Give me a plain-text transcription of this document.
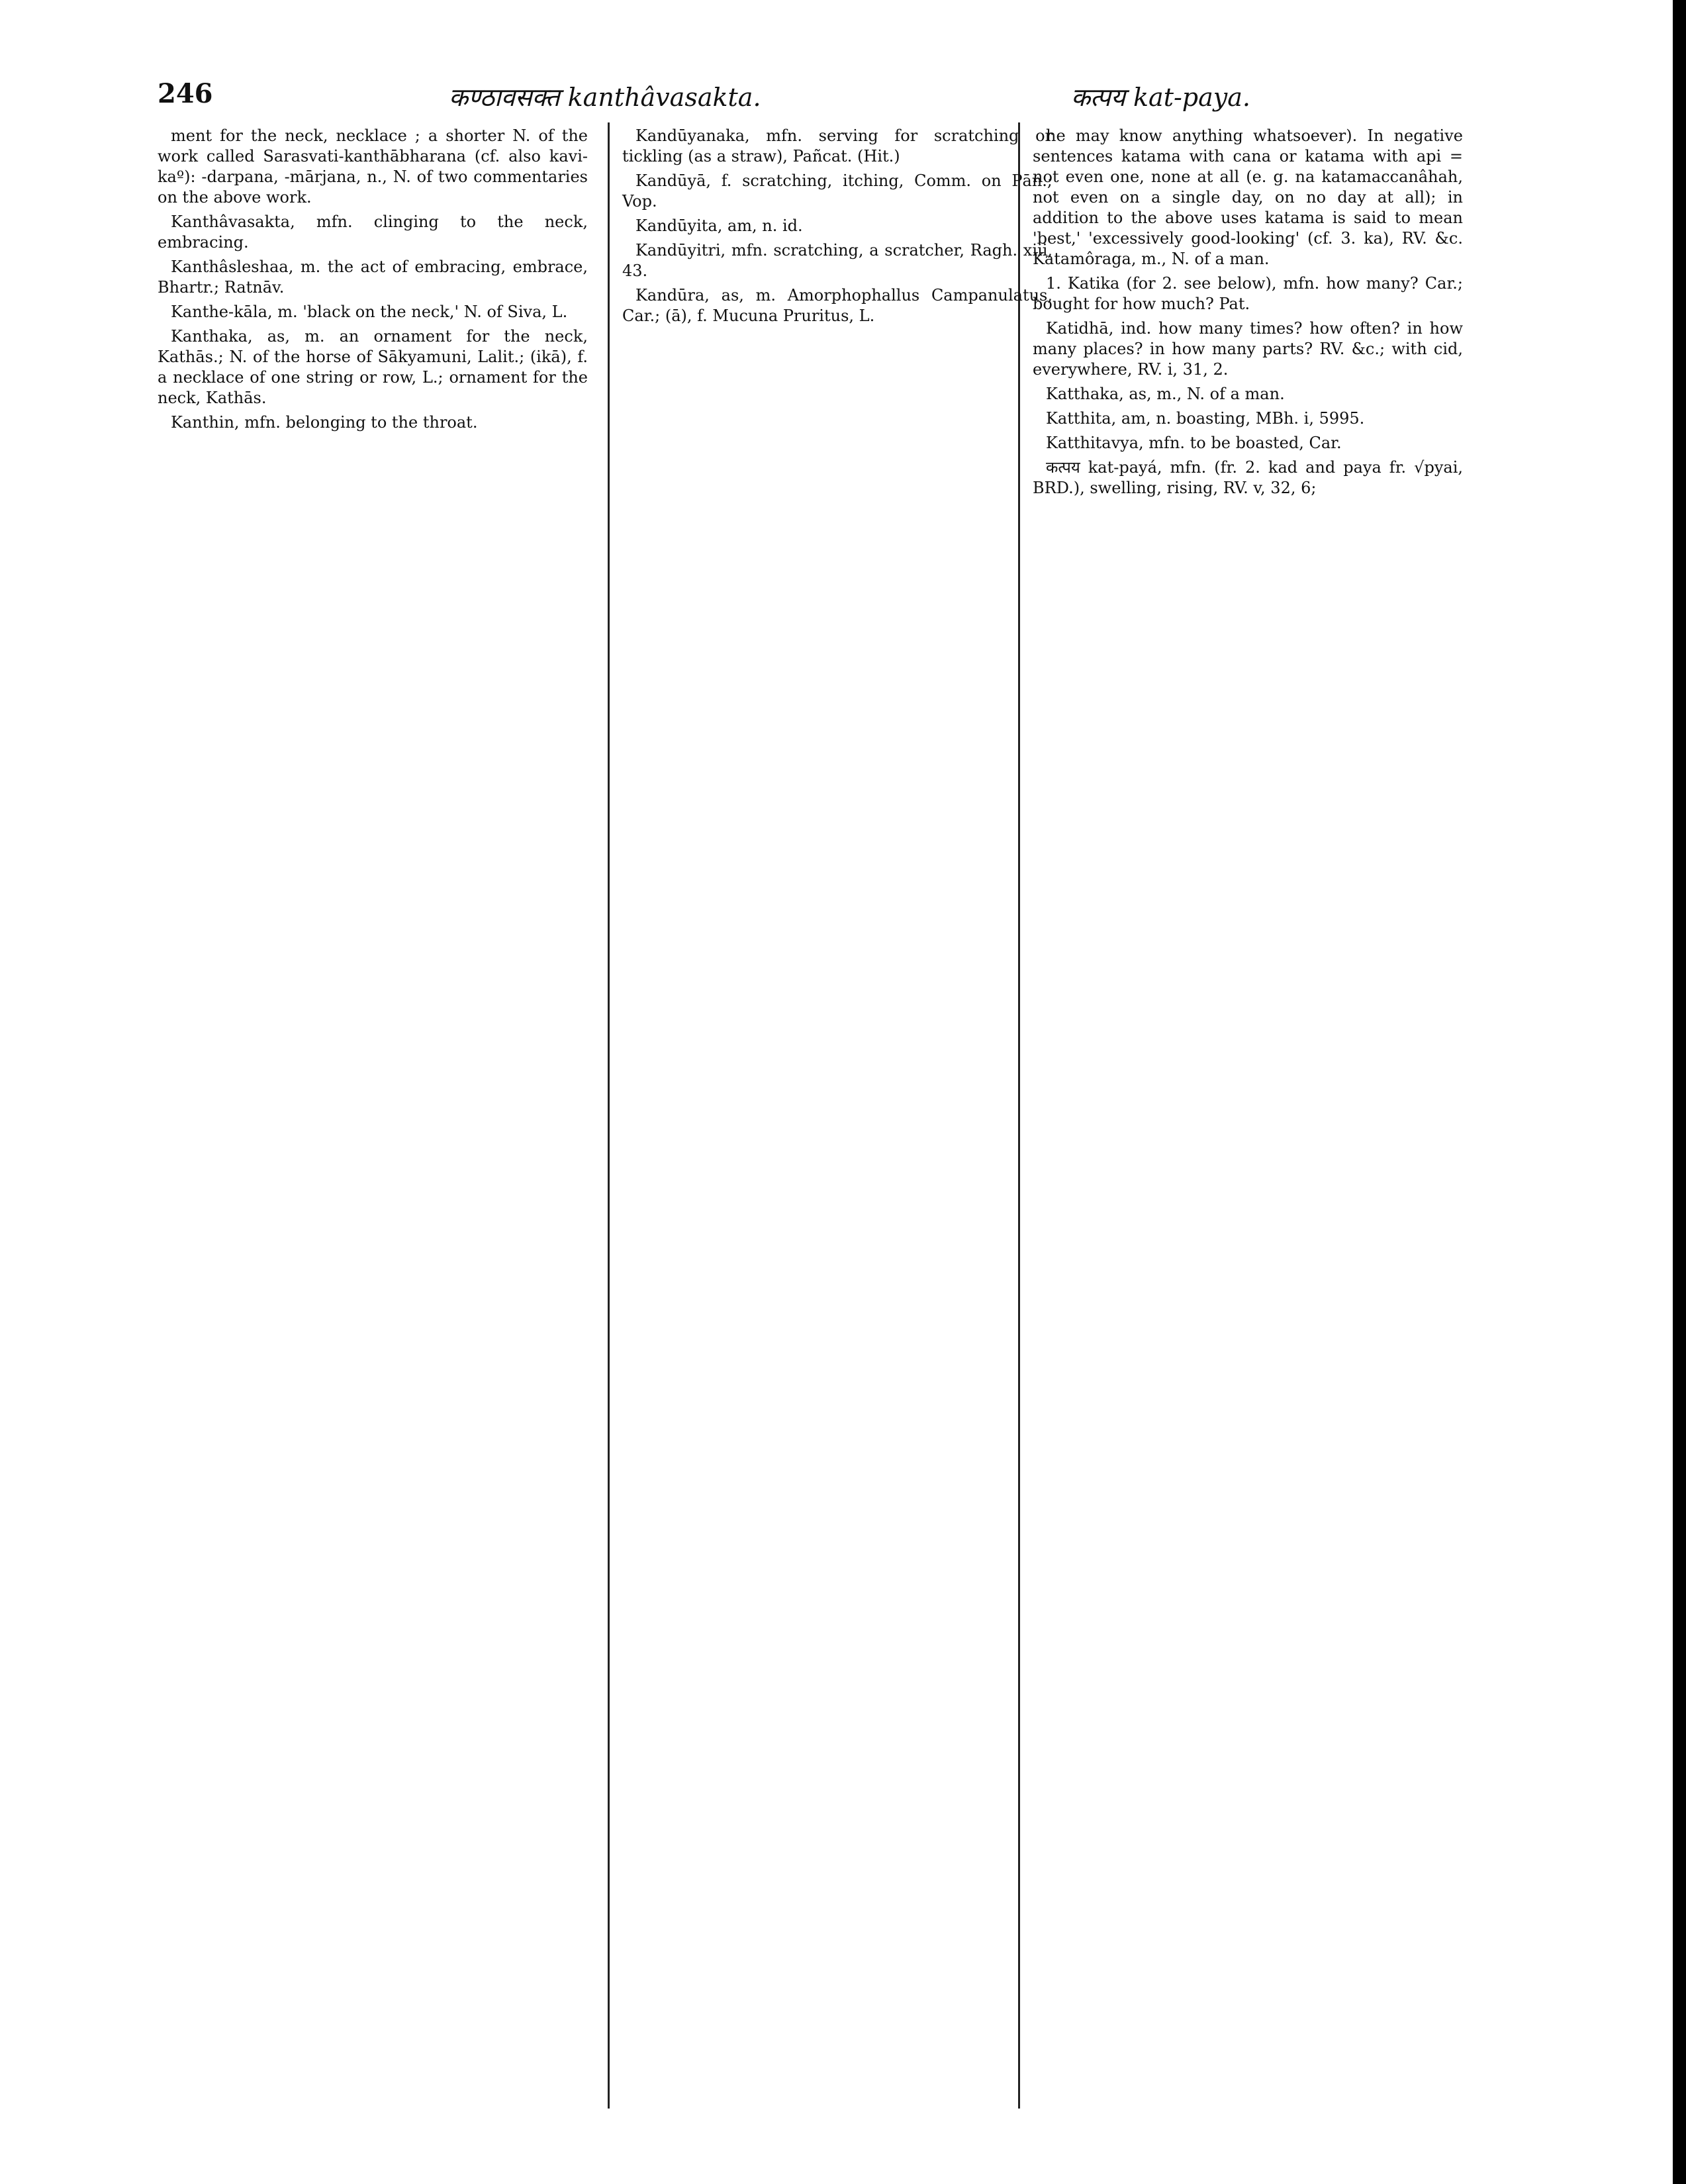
246	कण्ठावसक्त kanthâvasakta.	कत्पय kat-paya.

ment for the neck, necklace ; a shorter N. of the work called Sarasvati-kanthābharana (cf. also kavi-kaº): -darpana, -mārjana, n., N. of two commentaries on the above work.

Kanthâvasakta, mfn. clinging to the neck, embracing.

Kanthâsleshaa, m. the act of embracing, embrace, Bhartr.; Ratnāv.

Kanthe-kāla, m. 'black on the neck,' N. of Siva, L.

Kanthaka, as, m. an ornament for the neck, Kathās.; N. of the horse of Sākyamuni, Lalit.; (ikā), f. a necklace of one string or row, L.; ornament for the neck, Kathās.

Kanthin, mfn. belonging to the throat.

Kandūyanaka, mfn. serving for scratching or tickling (as a straw), Pañcat. (Hit.)

Kandūyā, f. scratching, itching, Comm. on Pān.; Vop.

Kandūyita, am, n. id.

Kandūyitri, mfn. scratching, a scratcher, Ragh. xiii, 43.

Kandūra, as, m. Amorphophallus Campanulatus, Car.; (ā), f. Mucuna Pruritus, L.

he may know anything whatsoever). In negative sentences katama with cana or katama with api = not even one, none at all (e. g. na katamaccanâhah, not even on a single day, on no day at all); in addition to the above uses katama is said to mean 'best,' 'excessively good-looking' (cf. 3. ka), RV. &c. Katamôraga, m., N. of a man.

1. Katika (for 2. see below), mfn. how many? Car.; bought for how much? Pat.

Katidhā, ind. how many times? how often? in how many places? in how many parts? RV. &c.; with cid, everywhere, RV. i, 31, 2.

Katthaka, as, m., N. of a man.

Katthita, am, n. boasting, MBh. i, 5995.

Katthitavya, mfn. to be boasted, Car.

कत्पय kat-payá, mfn. (fr. 2. kad and paya fr. √pyai, BRD.), swelling, rising, RV. v, 32, 6;
